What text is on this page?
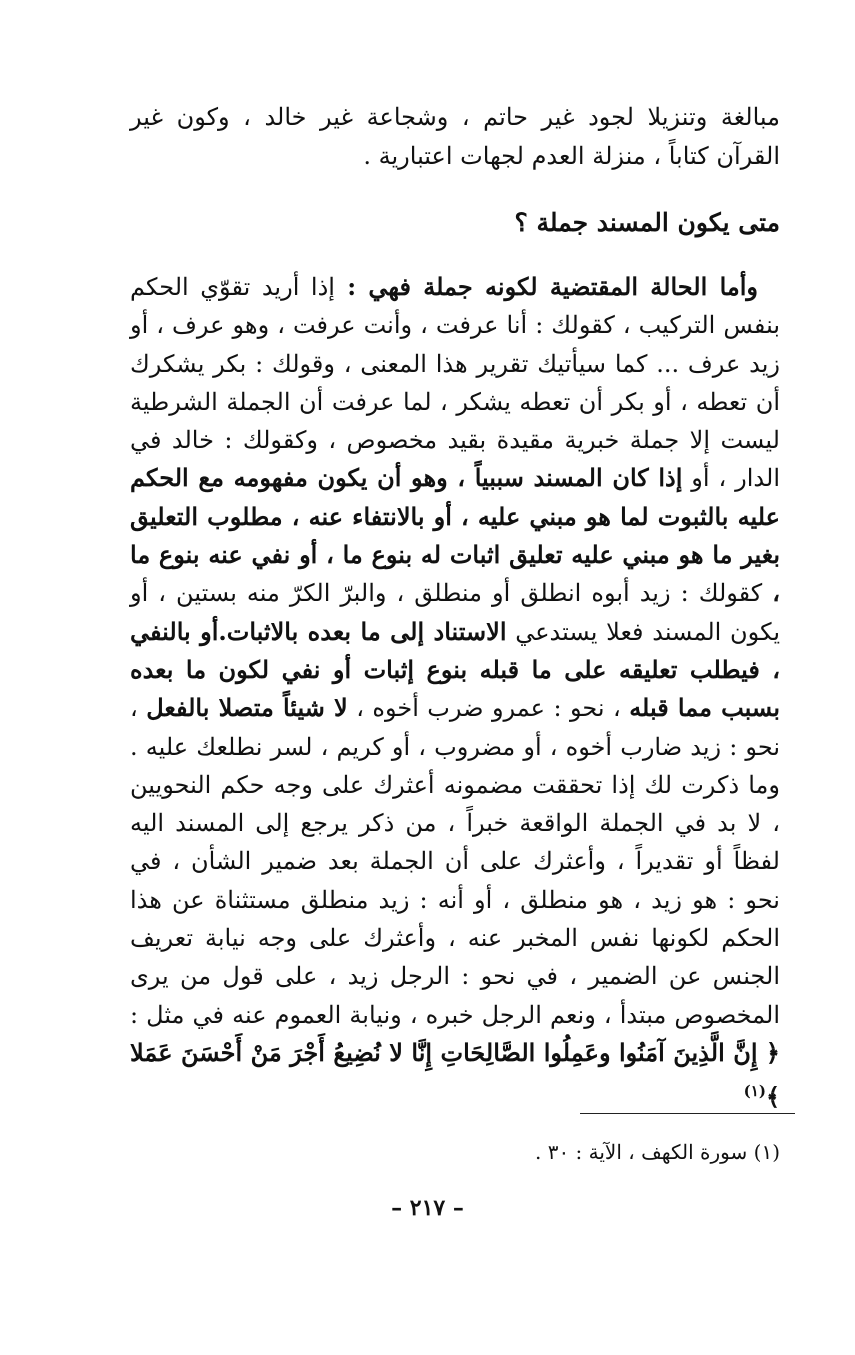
مبالغة وتنزيلا لجود غير حاتم ، وشجاعة غير خالد ، وكون غير القرآن كتاباً ، منزلة العدم لجهات اعتبارية .

متى يكون المسند جملة ؟

وأما الحالة المقتضية لكونه جملة فهي : إذا أريد تقوّي الحكم بنفس التركيب ، كقولك : أنا عرفت ، وأنت عرفت ، وهو عرف ، أو زيد عرف ... كما سيأتيك تقرير هذا المعنى ، وقولك : بكر يشكرك أن تعطه ، أو بكر أن تعطه يشكر ، لما عرفت أن الجملة الشرطية ليست إلا جملة خبرية مقيدة بقيد مخصوص ، وكقولك : خالد في الدار ، أو إذا كان المسند سببياً ، وهو أن يكون مفهومه مع الحكم عليه بالثبوت لما هو مبني عليه ، أو بالانتفاء عنه ، مطلوب التعليق بغير ما هو مبني عليه تعليق اثبات له بنوع ما ، أو نفي عنه بنوع ما ، كقولك : زيد أبوه انطلق أو منطلق ، والبرّ الكرّ منه بستين ، أو يكون المسند فعلا يستدعي الاستناد إلى ما بعده بالاثبات.أو بالنفي ، فيطلب تعليقه على ما قبله بنوع إثبات أو نفي لكون ما بعده بسبب مما قبله ، نحو : عمرو ضرب أخوه ، لا شيئاً متصلا بالفعل ، نحو : زيد ضارب أخوه ، أو مضروب ، أو كريم ، لسر نطلعك عليه . وما ذكرت لك إذا تحققت مضمونه أعثرك على وجه حكم النحويين ، لا بد في الجملة الواقعة خبراً ، من ذكر يرجع إلى المسند اليه لفظاً أو تقديراً ، وأعثرك على أن الجملة بعد ضمير الشأن ، في نحو : هو زيد ، هو منطلق ، أو أنه : زيد منطلق مستثناة عن هذا الحكم لكونها نفس المخبر عنه ، وأعثرك على وجه نيابة تعريف الجنس عن الضمير ، في نحو : الرجل زيد ، على قول من يرى المخصوص مبتدأ ، ونعم الرجل خبره ، ونيابة العموم عنه في مثل : ﴿ إِنَّ الَّذِينَ آمَنُوا وعَمِلُوا الصَّالِحَاتِ إِنَّا لا نُضِيعُ أَجْرَ مَنْ أَحْسَنَ عَمَلا ﴾$^{(١)}$

(١) سورة الكهف ، الآية : ٣٠ .

– ٢١٧ –
